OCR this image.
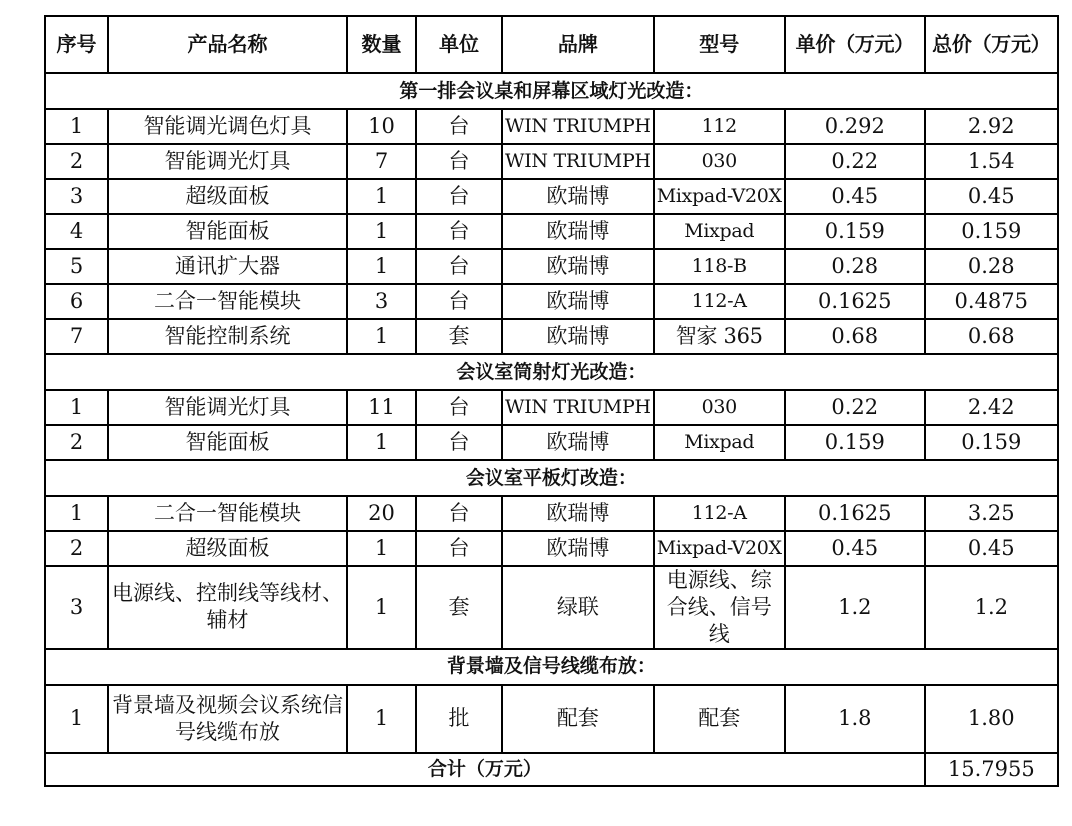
序号	产品名称	数量	单位	品牌	型号	单价（万元）	总价（万元）
第一排会议桌和屏幕区域灯光改造：							
1	智能调光调色灯具	10	台	WIN TRIUMPH	112	0.292	2.92
2	智能调光灯具	7	台	WIN TRIUMPH	030	0.22	1.54
3	超级面板	1	台	欧瑞博	Mixpad-V20X	0.45	0.45
4	智能面板	1	台	欧瑞博	Mixpad	0.159	0.159
5	通讯扩大器	1	台	欧瑞博	118-B	0.28	0.28
6	二合一智能模块	3	台	欧瑞博	112-A	0.1625	0.4875
7	智能控制系统	1	套	欧瑞博	智家 365	0.68	0.68
会议室筒射灯光改造：							
1	智能调光灯具	11	台	WIN TRIUMPH	030	0.22	2.42
2	智能面板	1	台	欧瑞博	Mixpad	0.159	0.159
会议室平板灯改造：							
1	二合一智能模块	20	台	欧瑞博	112-A	0.1625	3.25
2	超级面板	1	台	欧瑞博	Mixpad-V20X	0.45	0.45
3	电源线、控制线等线材、辅材	1	套	绿联	电源线、综合线、信号线	1.2	1.2
背景墙及信号线缆布放：							
1	背景墙及视频会议系统信号线缆布放	1	批	配套	配套	1.8	1.80
合计（万元）							15.7955
